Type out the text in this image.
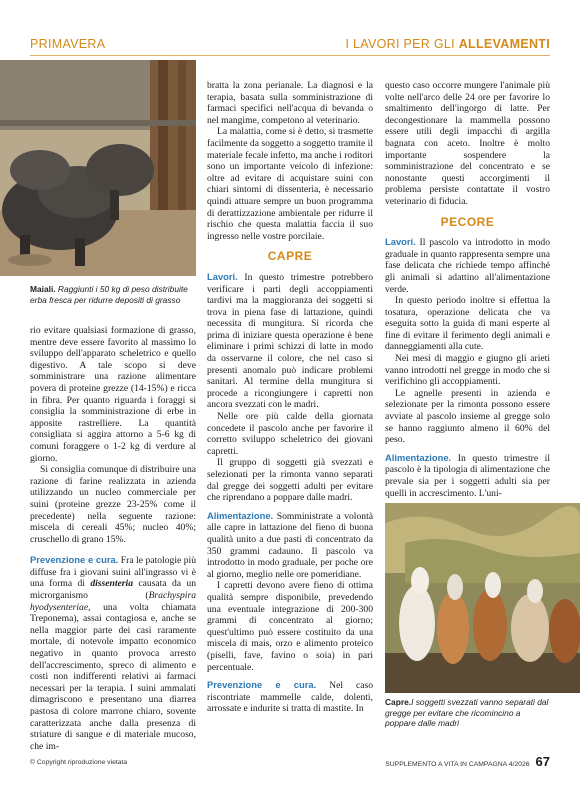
PRIMAVERA	I LAVORI PER GLI ALLEVAMENTI
Maiali. Raggiunti i 50 kg di peso distribuite erba fresca per ridurre depositi di grasso

rio evitare qualsiasi formazione di grasso, mentre deve essere favorito al massimo lo sviluppo dell'apparato scheletrico e quello digestivo. A tale scopo si deve somministrare una razione alimentare povera di proteine grezze (14-15%) e ricca in fibra. Per quanto riguarda i foraggi si consiglia la somministrazione di erbe in apposite rastrelliere. La quantità consigliata si aggira attorno a 5-6 kg di comuni foraggere o 1-2 kg di verdure al giorno.

Si consiglia comunque di distribuire una razione di farine realizzata in azienda utilizzando un nucleo commerciale per suini (proteine grezze 23-25% come il precedente) nella seguente razione: miscela di cereali 45%; nucleo 40%; cruschello di grano 15%.

Prevenzione e cura. Fra le patologie più diffuse fra i giovani suini all'ingrasso vi è una forma di dissenteria causata da un microrganismo (Brachyspira hyodysenteriae, una volta chiamata Treponema), assai contagiosa e, anche se nella maggior parte dei casi raramente mortale, di notevole impatto economico negativo in quanto provoca arresto dell'accrescimento, spreco di alimento e costi non indifferenti relativi ai farmaci necessari per la terapia. I suini ammalati dimagriscono e presentano una diarrea pastosa di colore marrone chiaro, sovente caratterizzata anche dalla presenza di striature di sangue e di materiale mucoso, che im-

bratta la zona perianale. La diagnosi e la terapia, basata sulla somministrazione di farmaci specifici nell'acqua di bevanda o nel mangime, competono al veterinario.

La malattia, come si è detto, si trasmette facilmente da soggetto a soggetto tramite il materiale fecale infetto, ma anche i roditori sono un importante veicolo di infezione: oltre ad evitare di acquistare suini con chiari sintomi di dissenteria, è necessario quindi attuare sempre un buon programma di derattizzazione ambientale per ridurre il rischio che questa malattia faccia il suo ingresso nelle vostre porcilaie.

CAPRE

Lavori. In questo trimestre potrebbero verificare i parti degli accoppiamenti tardivi ma la maggioranza dei soggetti si trova in piena fase di lattazione, quindi necessita di mungitura. Si ricorda che prima di iniziare questa operazione è bene eliminare i primi schizzi di latte in modo da osservarne il colore, che nel caso si presenti anomalo può indicare problemi sanitari. Al termine della mungitura si procede a ricongiungere i capretti non ancora svezzati con le madri.

Nelle ore più calde della giornata concedete il pascolo anche per favorire il corretto sviluppo scheletrico dei giovani capretti.

Il gruppo di soggetti già svezzati e selezionati per la rimonta vanno separati dal gregge dei soggetti adulti per evitare che riprendano a poppare dalle madri.

Alimentazione. Somministrate a volontà alle capre in lattazione del fieno di buona qualità unito a due pasti di concentrato da 350 grammi cadauno. Il pascolo va introdotto in modo graduale, per poche ore al giorno, meglio nelle ore pomeridiane.

I capretti devono avere fieno di ottima qualità sempre disponibile, prevedendo una eventuale integrazione di 200-300 grammi di concentrato al giorno; quest'ultimo può essere costituito da una miscela di mais, orzo e alimento proteico (piselli, fave, favino o soia) in pari percentuale.

Prevenzione e cura. Nel caso riscontriate mammelle calde, dolenti, arrossate e indurite si tratta di mastite. In

questo caso occorre mungere l'animale più volte nell'arco delle 24 ore per favorire lo smaltimento dell'ingorgo di latte. Per decongestionare la mammella possono essere utili degli impacchi di argilla bagnata con aceto. Inoltre è molto importante sospendere la somministrazione del concentrato e se nonostante questi accorgimenti il problema persiste contattate il vostro veterinario di fiducia.

PECORE

Lavori. Il pascolo va introdotto in modo graduale in quanto rappresenta sempre una fase delicata che richiede tempo affinché gli animali si adattino all'alimentazione verde.

In questo periodo inoltre si effettua la tosatura, operazione delicata che va eseguita sotto la guida di mani esperte al fine di evitare il ferimento degli animali e danneggiamenti alla cute.

Nei mesi di maggio e giugno gli arieti vanno introdotti nel gregge in modo che si verifichino gli accoppiamenti.

Le agnelle presenti in azienda e selezionate per la rimonta possono essere avviate al pascolo insieme al gregge solo se hanno raggiunto almeno il 60% del peso.

Alimentazione. In questo trimestre il pascolo è la tipologia di alimentazione che prevale sia per i soggetti adulti sia per quelli in accrescimento. L'uni-

Capre.I soggetti svezzati vanno separati dal gregge per evitare che ricomincino a poppare dalle madri
© Copyright riproduzione vietata	SUPPLEMENTO A VITA IN CAMPAGNA 4/2026 67
